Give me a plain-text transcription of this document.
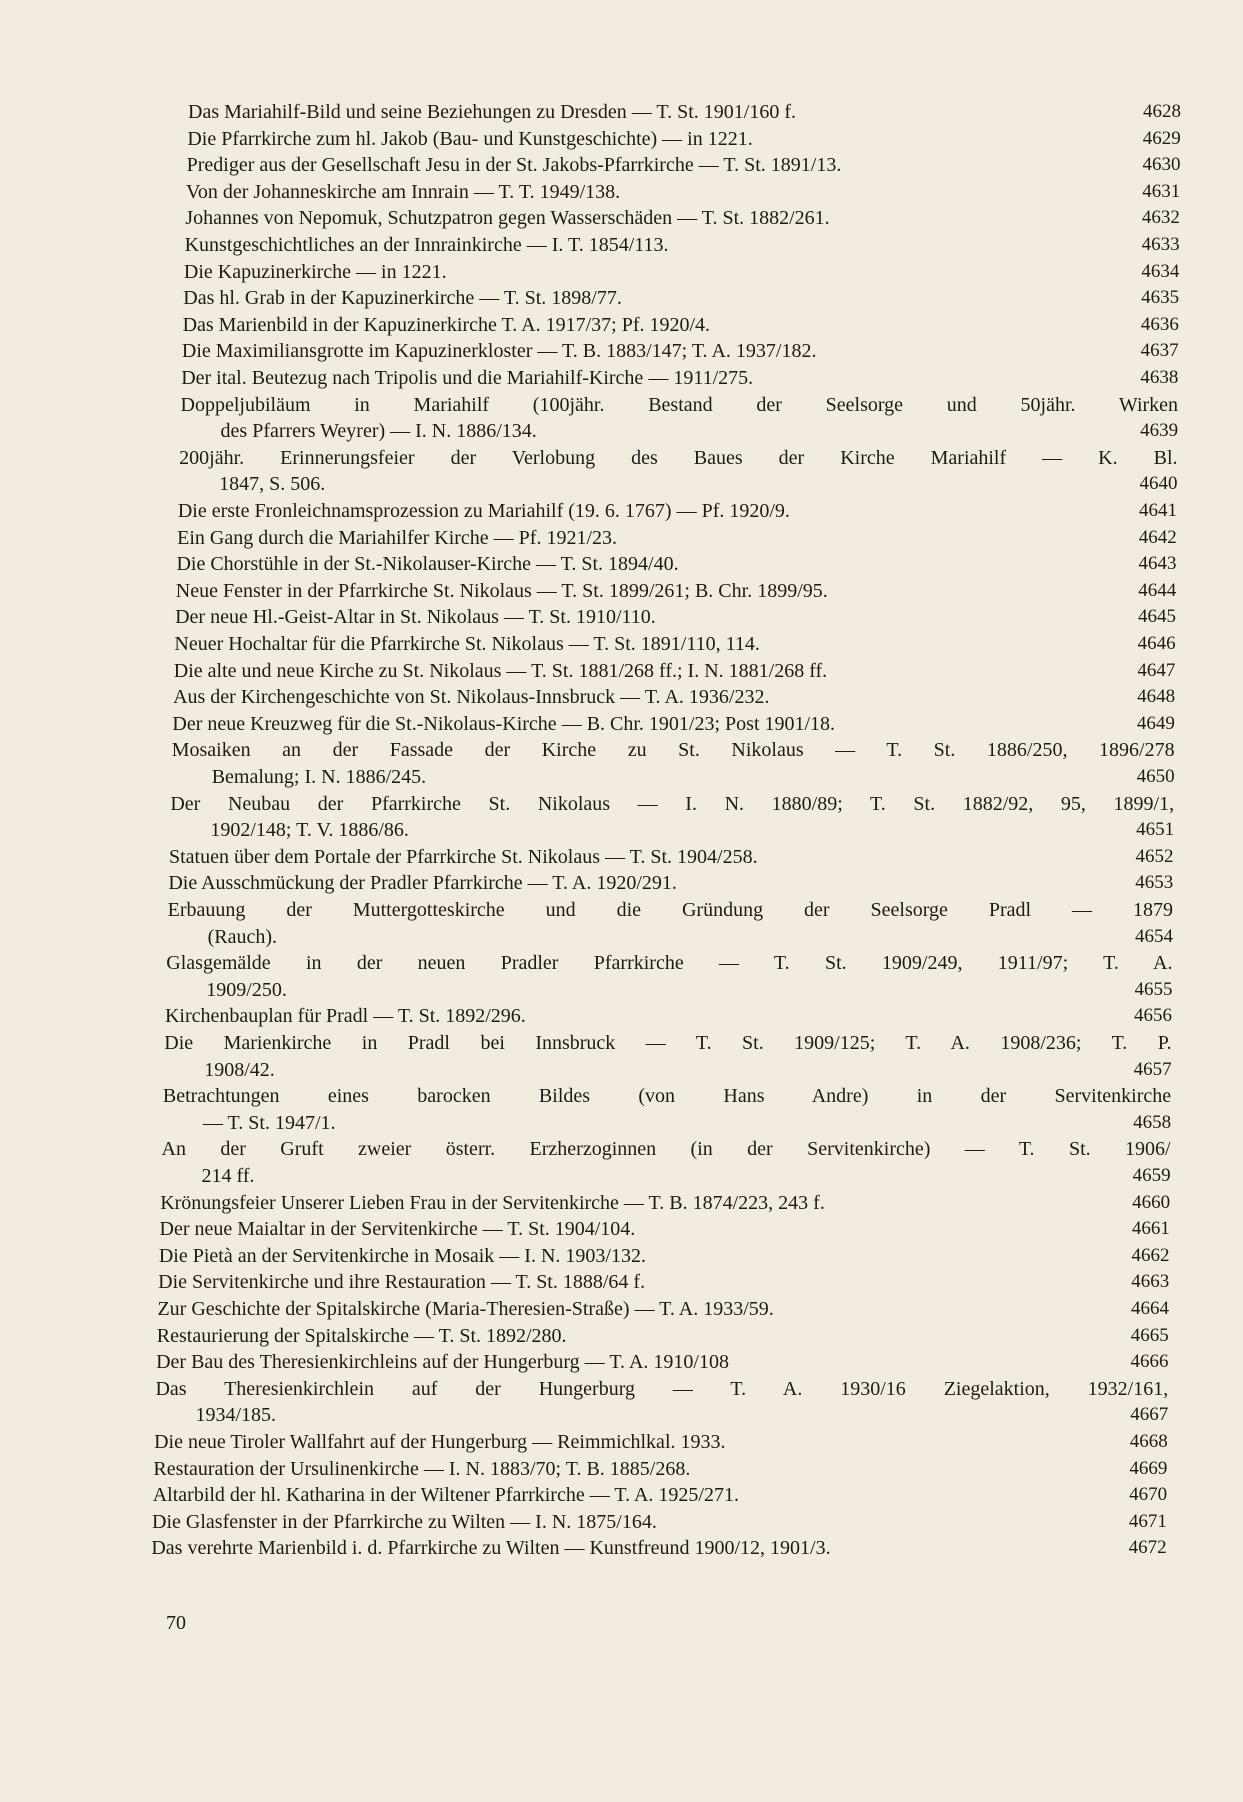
Das Mariahilf-Bild und seine Beziehungen zu Dresden — T. St. 1901/160 f.	4628
Die Pfarrkirche zum hl. Jakob (Bau- und Kunstgeschichte) — in 1221.	4629
Prediger aus der Gesellschaft Jesu in der St. Jakobs-Pfarrkirche — T. St. 1891/13.	4630
Von der Johanneskirche am Innrain — T. T. 1949/138.	4631
Johannes von Nepomuk, Schutzpatron gegen Wasserschäden — T. St. 1882/261.	4632
Kunstgeschichtliches an der Innrainkirche — I. T. 1854/113.	4633
Die Kapuzinerkirche — in 1221.	4634
Das hl. Grab in der Kapuzinerkirche — T. St. 1898/77.	4635
Das Marienbild in der Kapuzinerkirche T. A. 1917/37; Pf. 1920/4.	4636
Die Maximiliansgrotte im Kapuzinerkloster — T. B. 1883/147; T. A. 1937/182.	4637
Der ital. Beutezug nach Tripolis und die Mariahilf-Kirche — 1911/275.	4638
Doppeljubiläum in Mariahilf (100jähr. Bestand der Seelsorge und 50jähr. Wirken
des Pfarrers Weyrer) — I. N. 1886/134.	4639
200jähr. Erinnerungsfeier der Verlobung des Baues der Kirche Mariahilf — K. Bl.
1847, S. 506.	4640
Die erste Fronleichnamsprozession zu Mariahilf (19. 6. 1767) — Pf. 1920/9.	4641
Ein Gang durch die Mariahilfer Kirche — Pf. 1921/23.	4642
Die Chorstühle in der St.-Nikolauser-Kirche — T. St. 1894/40.	4643
Neue Fenster in der Pfarrkirche St. Nikolaus — T. St. 1899/261; B. Chr. 1899/95.	4644
Der neue Hl.-Geist-Altar in St. Nikolaus — T. St. 1910/110.	4645
Neuer Hochaltar für die Pfarrkirche St. Nikolaus — T. St. 1891/110, 114.	4646
Die alte und neue Kirche zu St. Nikolaus — T. St. 1881/268 ff.; I. N. 1881/268 ff.	4647
Aus der Kirchengeschichte von St. Nikolaus-Innsbruck — T. A. 1936/232.	4648
Der neue Kreuzweg für die St.-Nikolaus-Kirche — B. Chr. 1901/23; Post 1901/18.	4649
Mosaiken an der Fassade der Kirche zu St. Nikolaus — T. St. 1886/250, 1896/278
Bemalung; I. N. 1886/245.	4650
Der Neubau der Pfarrkirche St. Nikolaus — I. N. 1880/89; T. St. 1882/92, 95, 1899/1,
1902/148; T. V. 1886/86.	4651
Statuen über dem Portale der Pfarrkirche St. Nikolaus — T. St. 1904/258.	4652
Die Ausschmückung der Pradler Pfarrkirche — T. A. 1920/291.	4653
Erbauung der Muttergotteskirche und die Gründung der Seelsorge Pradl — 1879
(Rauch).	4654
Glasgemälde in der neuen Pradler Pfarrkirche — T. St. 1909/249, 1911/97; T. A.
1909/250.	4655
Kirchenbauplan für Pradl — T. St. 1892/296.	4656
Die Marienkirche in Pradl bei Innsbruck — T. St. 1909/125; T. A. 1908/236; T. P.
1908/42.	4657
Betrachtungen eines barocken Bildes (von Hans Andre) in der Servitenkirche
— T. St. 1947/1.	4658
An der Gruft zweier österr. Erzherzoginnen (in der Servitenkirche) — T. St. 1906/
214 ff.	4659
Krönungsfeier Unserer Lieben Frau in der Servitenkirche — T. B. 1874/223, 243 f.	4660
Der neue Maialtar in der Servitenkirche — T. St. 1904/104.	4661
Die Pietà an der Servitenkirche in Mosaik — I. N. 1903/132.	4662
Die Servitenkirche und ihre Restauration — T. St. 1888/64 f.	4663
Zur Geschichte der Spitalskirche (Maria-Theresien-Straße) — T. A. 1933/59.	4664
Restaurierung der Spitalskirche — T. St. 1892/280.	4665
Der Bau des Theresienkirchleins auf der Hungerburg — T. A. 1910/108	4666
Das Theresienkirchlein auf der Hungerburg — T. A. 1930/16 Ziegelaktion, 1932/161,
1934/185.	4667
Die neue Tiroler Wallfahrt auf der Hungerburg — Reimmichlkal. 1933.	4668
Restauration der Ursulinenkirche — I. N. 1883/70; T. B. 1885/268.	4669
Altarbild der hl. Katharina in der Wiltener Pfarrkirche — T. A. 1925/271.	4670
Die Glasfenster in der Pfarrkirche zu Wilten — I. N. 1875/164.	4671
Das verehrte Marienbild i. d. Pfarrkirche zu Wilten — Kunstfreund 1900/12, 1901/3.	4672
70
